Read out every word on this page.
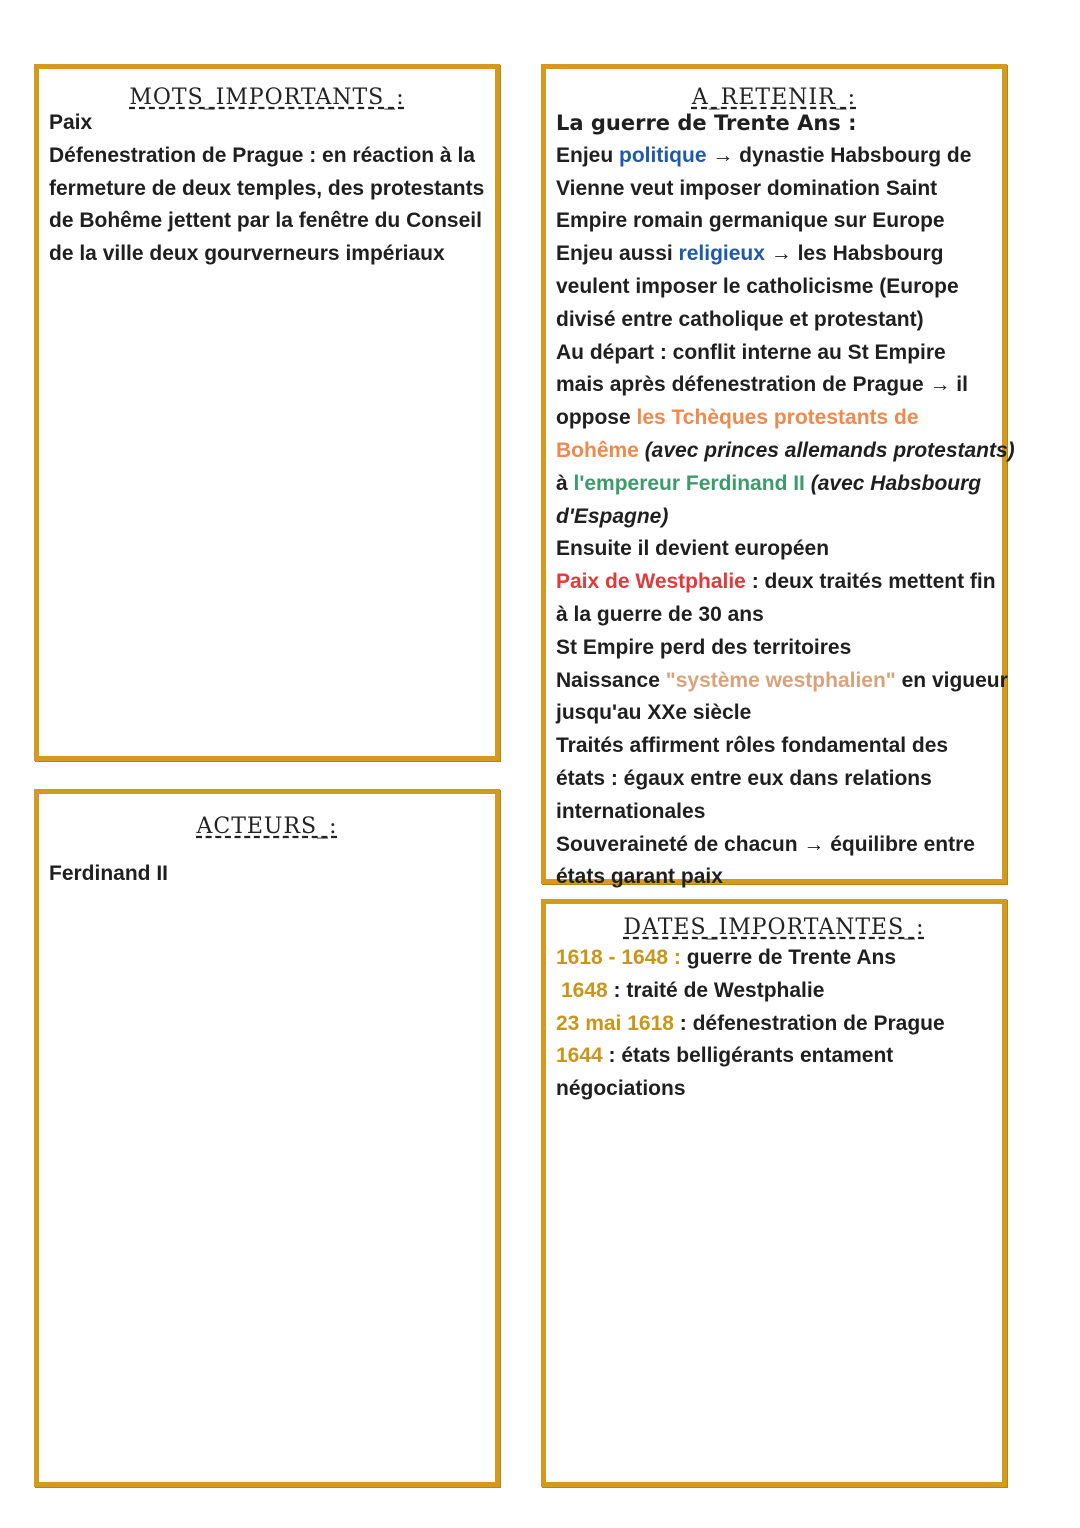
MOTS_IMPORTANTS_:
Paix
Défenestration de Prague : en réaction à la
fermeture de deux temples, des protestants
de Bohême jettent par la fenêtre du Conseil
de la ville deux gourverneurs impériaux
ACTEURS_:
Ferdinand II
A_RETENIR_:
La guerre de Trente Ans :
Enjeu politique → dynastie Habsbourg de
Vienne veut imposer domination Saint
Empire romain germanique sur Europe
Enjeu aussi religieux → les Habsbourg
veulent imposer le catholicisme (Europe
divisé entre catholique et protestant)
Au départ : conflit interne au St Empire
mais après défenestration de Prague → il
oppose les Tchèques protestants de
Bohême (avec princes allemands protestants)
à l'empereur Ferdinand II (avec Habsbourg
d'Espagne)
Ensuite il devient européen
Paix de Westphalie : deux traités mettent fin
à la guerre de 30 ans
St Empire perd des territoires
Naissance "système westphalien" en vigueur
jusqu'au XXe siècle
Traités affirment rôles fondamental des
états : égaux entre eux dans relations
internationales
Souveraineté de chacun → équilibre entre
états garant paix
DATES_IMPORTANTES_:
1618 - 1648 : guerre de Trente Ans
1648 : traité de Westphalie
23 mai 1618 : défenestration de Prague
1644 : états belligérants entament
négociations
